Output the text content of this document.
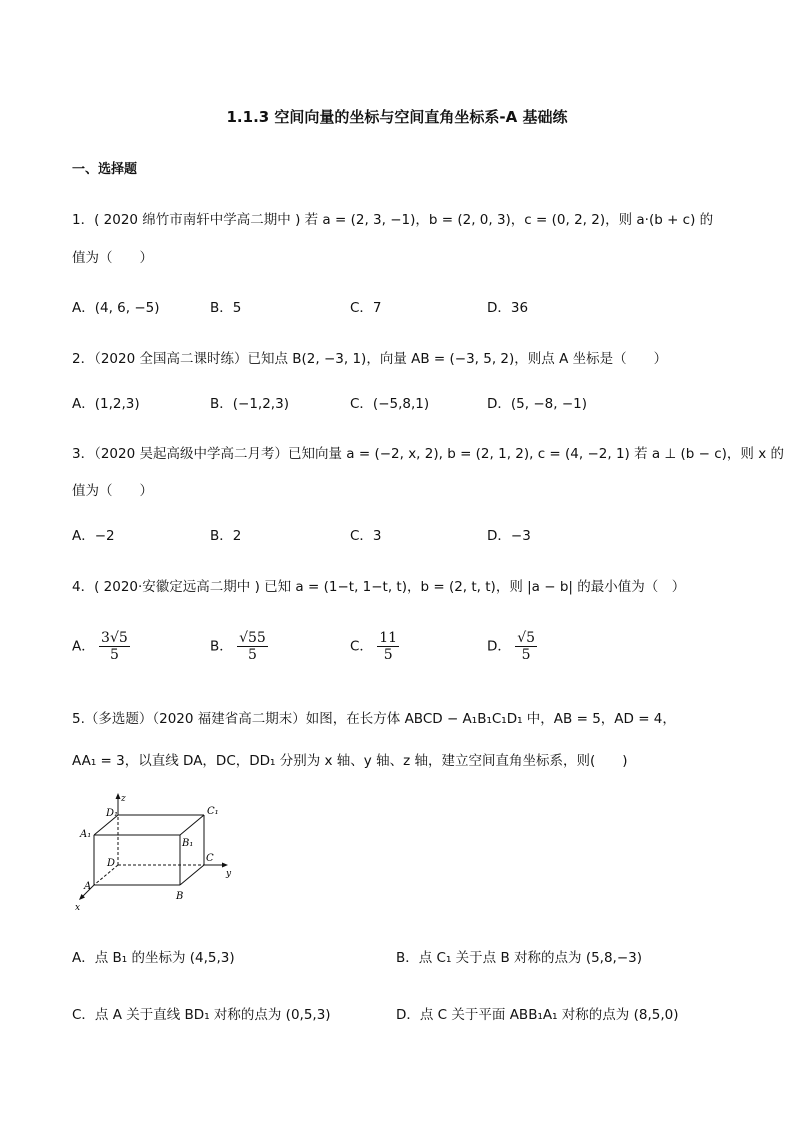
1.1.3 空间向量的坐标与空间直角坐标系-A 基础练
一、选择题
1．( 2020 绵竹市南轩中学高二期中 ) 若 a = (2, 3, −1)，b = (2, 0, 3)，c = (0, 2, 2)，则 a·(b + c) 的
值为（　　）
A．(4, 6, −5)	B．5	C．7	D．36
2．（2020 全国高二课时练）已知点 B(2, −3, 1)，向量 AB = (−3, 5, 2)，则点 A 坐标是（　　）
A．(1,2,3)	B．(−1,2,3)	C．(−5,8,1)	D．(5, −8, −1)
3．（2020 吴起高级中学高二月考）已知向量 a = (−2, x, 2), b = (2, 1, 2), c = (4, −2, 1) 若 a ⊥ (b − c)，则 x 的
值为（　　）
A．−2	B．2	C．3	D．−3
4．( 2020·安徽定远高二期中 ) 已知 a = (1−t, 1−t, t)，b = (2, t, t)，则 |a − b| 的最小值为（　）
A． $\frac{3√5}{5}$	B． $\frac{√55}{5}$	C． $\frac{11}{5}$	D． $\frac{√5}{5}$
5.（多选题）（2020 福建省高二期末）如图，在长方体 ABCD − A₁B₁C₁D₁ 中，AB = 5，AD = 4，
AA₁ = 3，以直线 DA，DC，DD₁ 分别为 x 轴、y 轴、z 轴，建立空间直角坐标系，则(　　)
D₁
z
C₁
A₁
B₁
D	C
y
A
B
x
A．点 B₁ 的坐标为 (4,5,3)	B．点 C₁ 关于点 B 对称的点为 (5,8,−3)
C．点 A 关于直线 BD₁ 对称的点为 (0,5,3)	D．点 C 关于平面 ABB₁A₁ 对称的点为 (8,5,0)
